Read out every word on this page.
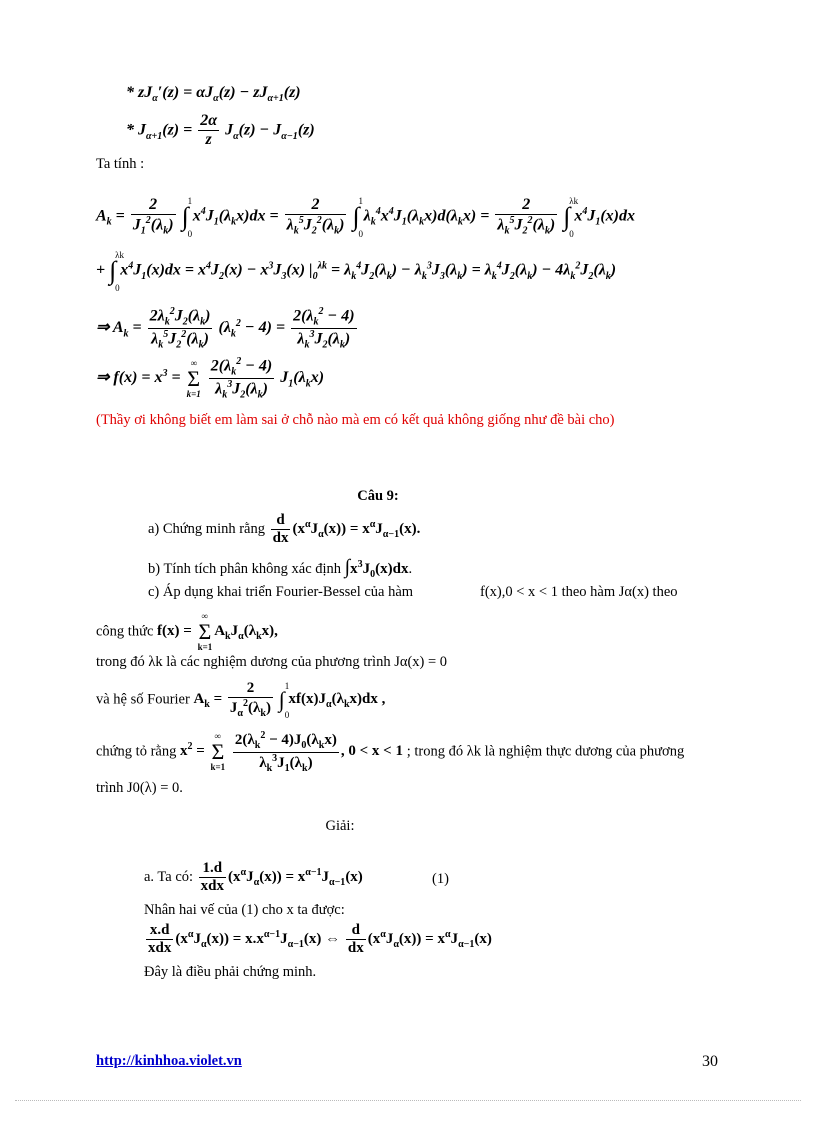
* $zJ_\alpha'(z) = \alpha J_\alpha(z) - zJ_{\alpha+1}(z)$
* $J_{\alpha+1}(z) = \frac{2\alpha}{z} J_\alpha(z) - J_{\alpha-1}(z)$
Ta tính :
$A_k = \frac{2}{J_1^2(\lambda_k)}$ ∫
1
0
$x^4J_1(\lambda_kx)dx = \frac{2}{\lambda_k^5J_2^2(\lambda_k)}$ ∫
1
0
$\lambda_k^4x^4J_1(\lambda_kx)d(\lambda_kx) = \frac{2}{\lambda_k^5J_2^2(\lambda_k)}$ ∫
λk
0
$x^4J_1(x)dx$
+ ∫
λk
0
$x^4J_1(x)dx = x^4J_2(x) - x^3J_3(x) |_0^{\lambda k} = \lambda_k^4J_2(\lambda_k) - \lambda_k^3J_3(\lambda_k) = \lambda_k^4J_2(\lambda_k) - 4\lambda_k^2J_2(\lambda_k)$
⇒ $A_k = \frac{2\lambda_k^2J_2(\lambda_k)}{\lambda_k^5J_2^2(\lambda_k)} (\lambda_k^2 - 4) = \frac{2(\lambda_k^2 - 4)}{\lambda_k^3J_2(\lambda_k)}$
⇒ $f(x) = x^3$ = ∞
Σ
$k=1 \frac{2(\lambda_k^2 - 4)}{\lambda_k^3J_2(\lambda_k)} J_1(\lambda_kx)$
(Thầy ơi không biết em làm sai ở chỗ nào mà em có kết quả không giống như đề bài cho)
Câu 9:
a) Chứng minh rằng $\frac{d}{dx} (x^\alpha J_\alpha(x)) = x^\alpha J_{\alpha-1}(x)$.
b) Tính tích phân không xác định $\int x^3J_0(x)dx$.
c) Áp dụng khai triển Fourier-Bessel của hàm	f(x),0 < x < 1 theo hàm Jα(x) theo
công thức f(x) = ∞
Σ
$k=1A_kJ_\alpha(\lambda_kx)$,
trong đó λk là các nghiệm dương của phương trình Jα(x) = 0
và hệ số Fourier $A_k = \frac{2}{J_\alpha^2(\lambda_k)}$ ∫
1
0
$xf(x)J_\alpha(\lambda_kx)dx$ ,
chứng tỏ rằng $x^2$ = ∞
Σ
$k=1 \frac{2(\lambda_k^2 - 4)J_0(\lambda_kx)}{\lambda_k^3J_1(\lambda_k)}$ , 0 < x < 1 ; trong đó λk là nghiệm thực dương của phương
trình J0(λ) = 0.
Giải:
a. Ta có: $\frac{1.d}{\text{xdx}} (x^\alpha J_\alpha(x)) = x^{\alpha-1}J_{\alpha-1}(x)$	(1)
Nhân hai vế của (1) cho x ta được:
$\frac{x.d}{\text{xdx}} (x^\alpha J_\alpha(x)) = x.x^{\alpha-1}J_{\alpha-1}(x)$ ⇔ $\frac{d}{dx} (x^\alpha J_\alpha(x)) = x^\alpha J_{\alpha-1}(x)$
Đây là điều phải chứng minh.
http://kinhhoa.violet.vn	30
